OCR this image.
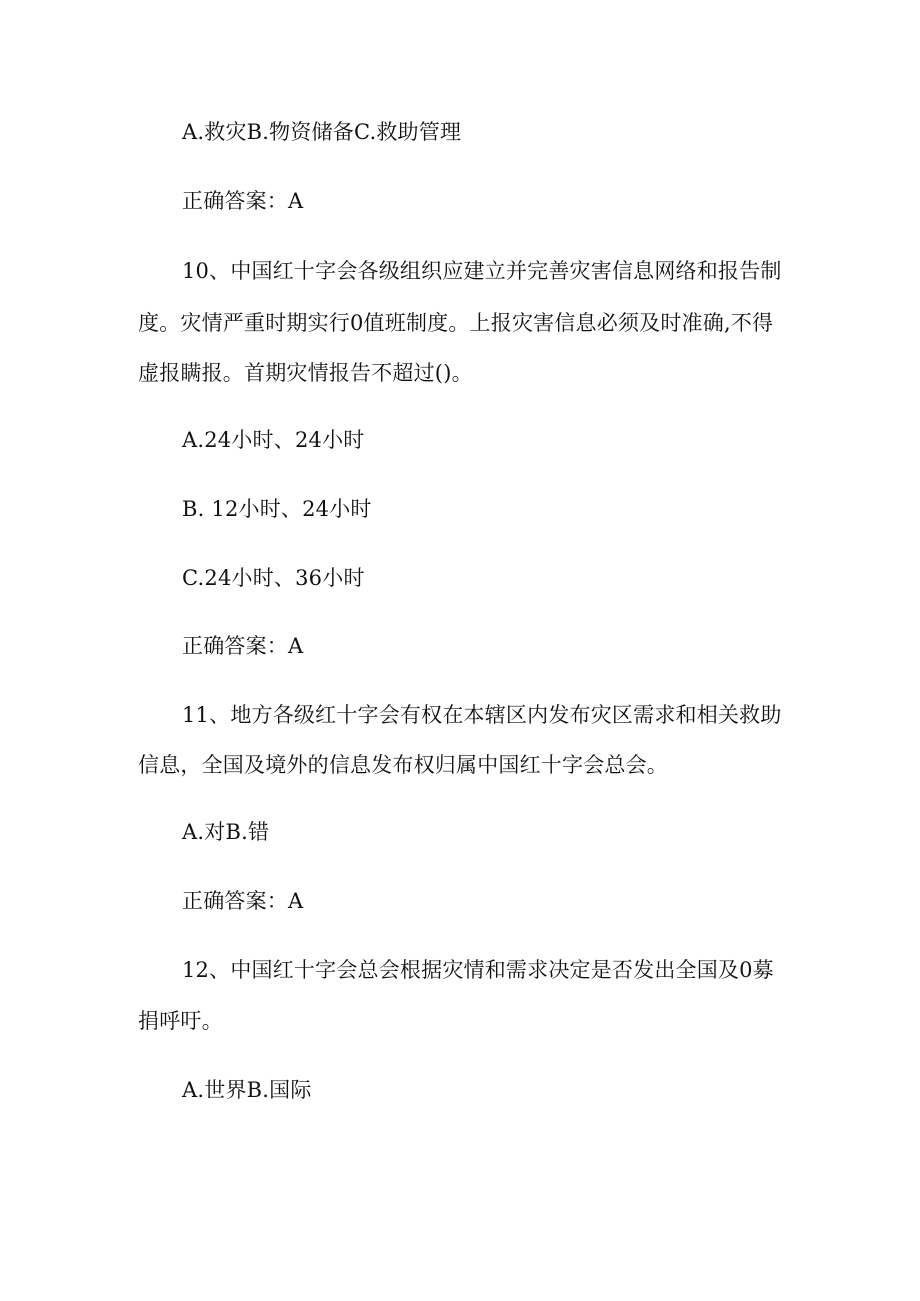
A.救灾B.物资储备C.救助管理
正确答案：A
10、中国红十字会各级组织应建立并完善灾害信息网络和报告制
度。灾情严重时期实行0值班制度。上报灾害信息必须及时准确,不得
虚报瞒报。首期灾情报告不超过()。
A.24小时、24小时
B. 12小时、24小时
C.24小时、36小时
正确答案：A
11、地方各级红十字会有权在本辖区内发布灾区需求和相关救助
信息，全国及境外的信息发布权归属中国红十字会总会。
A.对B.错
正确答案：A
12、中国红十字会总会根据灾情和需求决定是否发出全国及0募
捐呼吁。
A.世界B.国际
